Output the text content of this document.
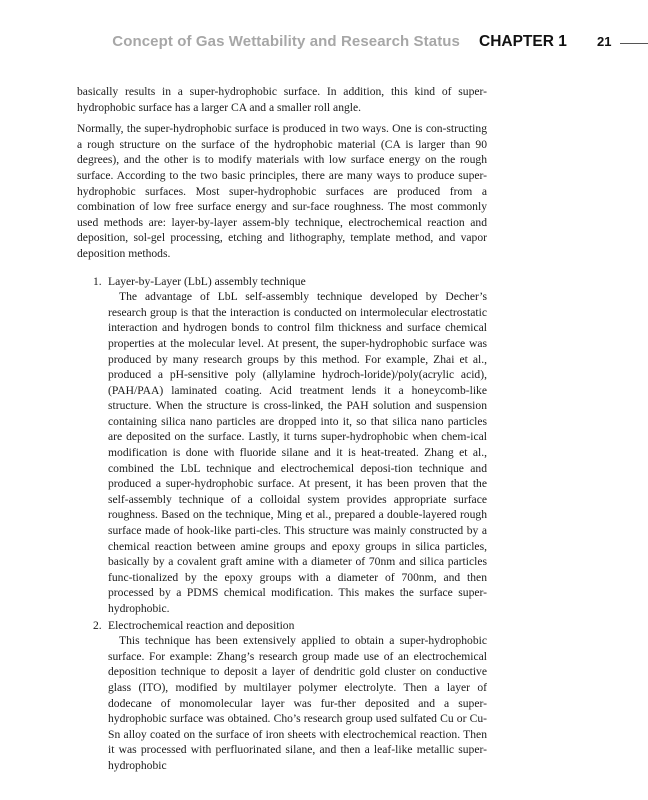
Concept of Gas Wettability and Research Status CHAPTER 1 21

basically results in a super-hydrophobic surface. In addition, this kind of super-hydrophobic surface has a larger CA and a smaller roll angle.

Normally, the super-hydrophobic surface is produced in two ways. One is con-structing a rough structure on the surface of the hydrophobic material (CA is larger than 90 degrees), and the other is to modify materials with low surface energy on the rough surface. According to the two basic principles, there are many ways to produce super-hydrophobic surfaces. Most super-hydrophobic surfaces are produced from a combination of low free surface energy and sur-face roughness. The most commonly used methods are: layer-by-layer assem-bly technique, electrochemical reaction and deposition, sol-gel processing, etching and lithography, template method, and vapor deposition methods.

1. Layer-by-Layer (LbL) assembly technique
The advantage of LbL self-assembly technique developed by Decher’s research group is that the interaction is conducted on intermolecular electrostatic interaction and hydrogen bonds to control film thickness and surface chemical properties at the molecular level. At present, the super-hydrophobic surface was produced by many research groups by this method. For example, Zhai et al., produced a pH-sensitive poly (allylamine hydroch-loride)/poly(acrylic acid), (PAH/PAA) laminated coating. Acid treatment lends it a honeycomb-like structure. When the structure is cross-linked, the PAH solution and suspension containing silica nano particles are dropped into it, so that silica nano particles are deposited on the surface. Lastly, it turns super-hydrophobic when chem-ical modification is done with fluoride silane and it is heat-treated. Zhang et al., combined the LbL technique and electrochemical deposi-tion technique and produced a super-hydrophobic surface. At present, it has been proven that the self-assembly technique of a colloidal system provides appropriate surface roughness. Based on the technique, Ming et al., prepared a double-layered rough surface made of hook-like parti-cles. This structure was mainly constructed by a chemical reaction between amine groups and epoxy groups in silica particles, basically by a covalent graft amine with a diameter of 70nm and silica particles func-tionalized by the epoxy groups with a diameter of 700nm, and then processed by a PDMS chemical modification. This makes the surface super-hydrophobic.
2. Electrochemical reaction and deposition
This technique has been extensively applied to obtain a super-hydrophobic surface. For example: Zhang’s research group made use of an electrochemical deposition technique to deposit a layer of dendritic gold cluster on conductive glass (ITO), modified by multilayer polymer electrolyte. Then a layer of dodecane of monomolecular layer was fur-ther deposited and a super-hydrophobic surface was obtained. Cho’s research group used sulfated Cu or Cu-Sn alloy coated on the surface of iron sheets with electrochemical reaction. Then it was processed with perfluorinated silane, and then a leaf-like metallic super-hydrophobic
